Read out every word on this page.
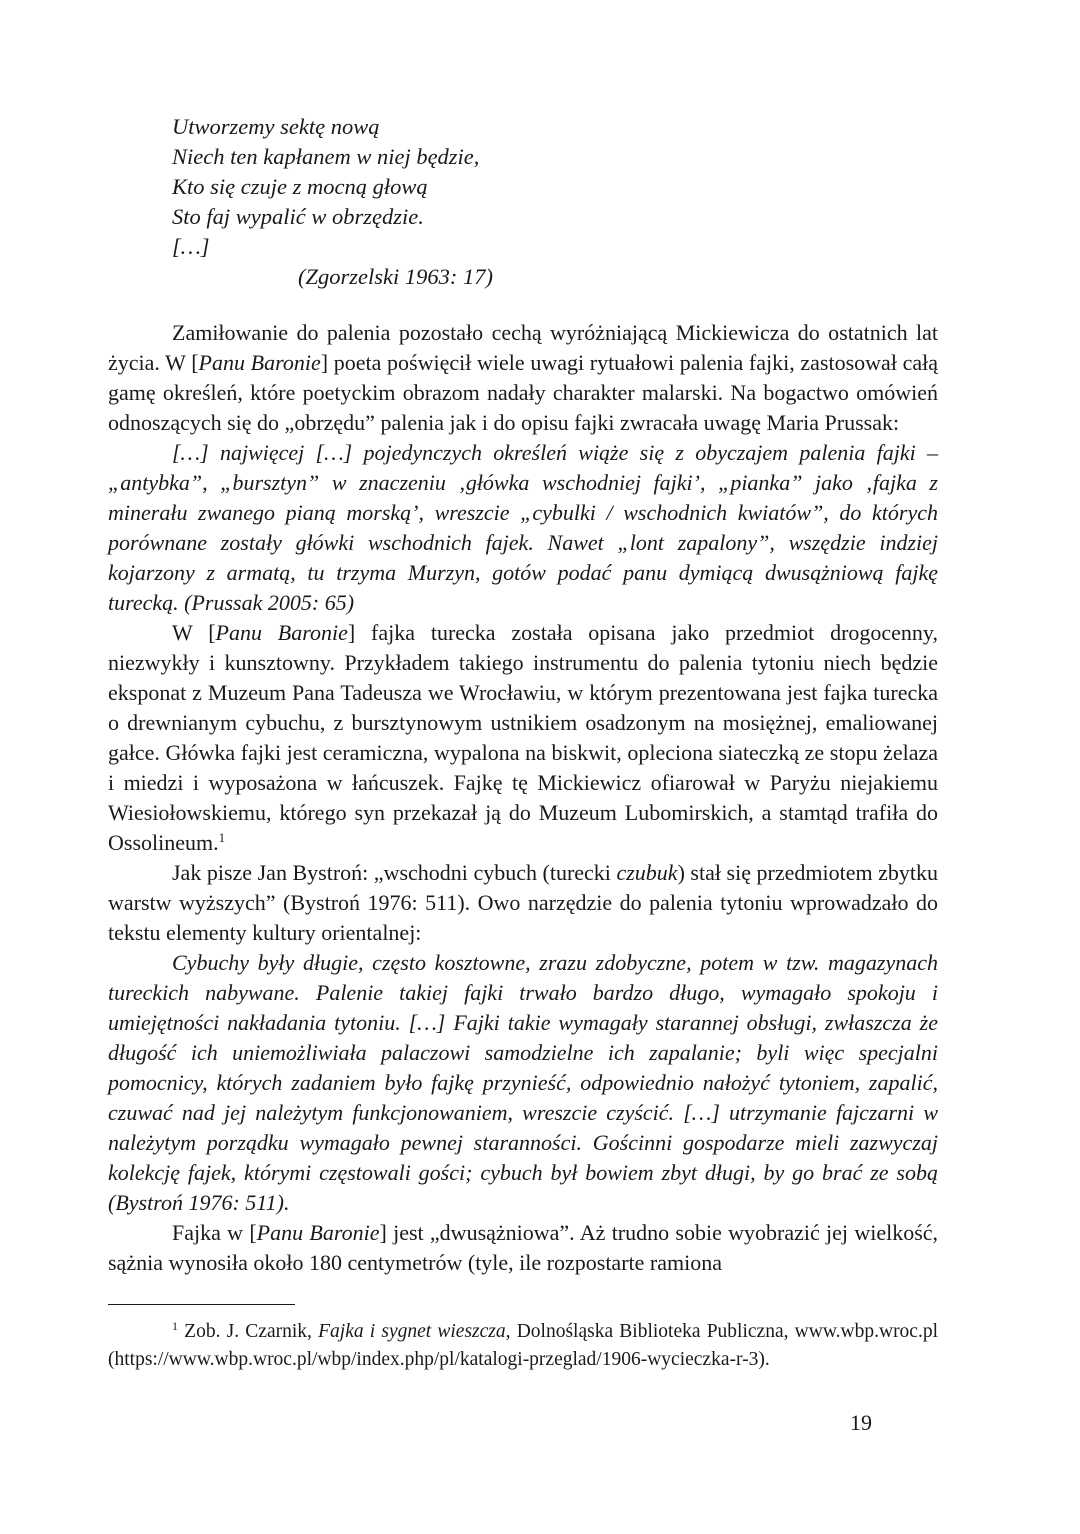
Utworzemy sektę nową
Niech ten kapłanem w niej będzie,
Kto się czuje z mocną głową
Sto faj wypalić w obrzędzie.
[…]
(Zgorzelski 1963: 17)

Zamiłowanie do palenia pozostało cechą wyróżniającą Mickiewicza do ostatnich lat życia. W [Panu Baronie] poeta poświęcił wiele uwagi rytuałowi palenia fajki, zastosował całą gamę określeń, które poetyckim obrazom nadały charakter malarski. Na bogactwo omówień odnoszących się do „obrzędu” palenia jak i do opisu fajki zwracała uwagę Maria Prussak:

[…] najwięcej […] pojedynczych określeń wiąże się z obyczajem palenia fajki – „antybka”, „bursztyn” w znaczeniu ‚główka wschodniej fajki’, „pianka” jako ‚fajka z minerału zwanego pianą morską’, wreszcie „cybulki / wschodnich kwiatów”, do których porównane zostały główki wschodnich fajek. Nawet „lont zapalony”, wszędzie indziej kojarzony z armatą, tu trzyma Murzyn, gotów podać panu dymiącą dwusążniową fajkę turecką. (Prussak 2005: 65)

W [Panu Baronie] fajka turecka została opisana jako przedmiot drogocenny, niezwykły i kunsztowny. Przykładem takiego instrumentu do palenia tytoniu niech będzie eksponat z Muzeum Pana Tadeusza we Wrocławiu, w którym prezentowana jest fajka turecka o drewnianym cybuchu, z bursztynowym ustnikiem osadzonym na mosiężnej, emaliowanej gałce. Główka fajki jest ceramiczna, wypalona na biskwit, opleciona siateczką ze stopu żelaza i miedzi i wyposażona w łańcuszek. Fajkę tę Mickiewicz ofiarował w Paryżu niejakiemu Wiesiołowskiemu, którego syn przekazał ją do Muzeum Lubomirskich, a stamtąd trafiła do Ossolineum.$^1$

Jak pisze Jan Bystroń: „wschodni cybuch (turecki czubuk) stał się przedmiotem zbytku warstw wyższych” (Bystroń 1976: 511). Owo narzędzie do palenia tytoniu wprowadzało do tekstu elementy kultury orientalnej:

Cybuchy były długie, często kosztowne, zrazu zdobyczne, potem w tzw. magazynach tureckich nabywane. Palenie takiej fajki trwało bardzo długo, wymagało spokoju i umiejętności nakładania tytoniu. […] Fajki takie wymagały starannej obsługi, zwłaszcza że długość ich uniemożliwiała palaczowi samodzielne ich zapalanie; byli więc specjalni pomocnicy, których zadaniem było fajkę przynieść, odpowiednio nałożyć tytoniem, zapalić, czuwać nad jej należytym funkcjonowaniem, wreszcie czyścić. […] utrzymanie fajczarni w należytym porządku wymagało pewnej staranności. Gościnni gospodarze mieli zazwyczaj kolekcję fajek, którymi częstowali gości; cybuch był bowiem zbyt długi, by go brać ze sobą (Bystroń 1976: 511).

Fajka w [Panu Baronie] jest „dwusążniowa”. Aż trudno sobie wyobrazić jej wielkość, sążnia wynosiła około 180 centymetrów (tyle, ile rozpostarte ramiona

$^1$ Zob. J. Czarnik, Fajka i sygnet wieszcza, Dolnośląska Biblioteka Publiczna, www.​wbp.wroc.pl (https://www.wbp.wroc.pl/wbp/index.php/pl/katalogi-przeglad/1906-wycieczka-r-3).

19
